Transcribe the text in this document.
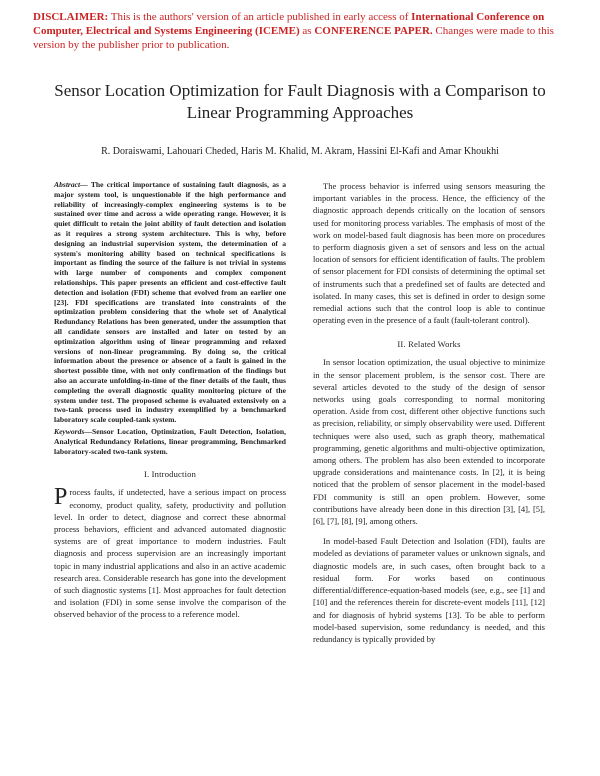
DISCLAIMER: This is the authors' version of an article published in early access of International Conference on Computer, Electrical and Systems Engineering (ICEME) as CONFERENCE PAPER. Changes were made to this version by the publisher prior to publication.
Sensor Location Optimization for Fault Diagnosis with a Comparison to Linear Programming Approaches
R. Doraiswami, Lahouari Cheded, Haris M. Khalid, M. Akram, Hassini El-Kafi and Amar Khoukhi

Abstract— The critical importance of sustaining fault diagnosis, as a major system tool, is unquestionable if the high performance and reliability of increasingly-complex engineering systems is to be sustained over time and across a wide operating range. However, it is quiet difficult to retain the joint ability of fault detection and isolation as it requires a strong system architecture. This is why, before designing an industrial supervision system, the determination of a system's monitoring ability based on technical specifications is important as finding the source of the failure is not trivial in systems with large number of components and complex component relationships. This paper presents an efficient and cost-effective fault detection and isolation (FDI) scheme that evolved from an earlier one [23]. FDI specifications are translated into constraints of the optimization problem considering that the whole set of Analytical Redundancy Relations has been generated, under the assumption that all candidate sensors are installed and later on tested by an optimization algorithm using of linear programming and relaxed versions of non-linear programming. By doing so, the critical information about the presence or absence of a fault is gained in the shortest possible time, with not only confirmation of the findings but also an accurate unfolding-in-time of the finer details of the fault, thus completing the overall diagnostic quality monitoring picture of the system under test. The proposed scheme is evaluated extensively on a two-tank process used in industry exemplified by a benchmarked laboratory scale coupled-tank system.

Keywords—Sensor Location, Optimization, Fault Detection, Isolation, Analytical Redundancy Relations, linear programming, Benchmarked laboratory-scaled two-tank system.

I. Introduction

Process faults, if undetected, have a serious impact on process economy, product quality, safety, productivity and pollution level. In order to detect, diagnose and correct these abnormal process behaviors, efficient and advanced automated diagnostic systems are of great importance to modern industries. Fault diagnosis and process supervision are an increasingly important topic in many industrial applications and also in an active academic research area. Considerable research has gone into the development of such diagnostic systems [1]. Most approaches for fault detection and isolation (FDI) in some sense involve the comparison of the observed behavior of the process to a reference model.

The process behavior is inferred using sensors measuring the important variables in the process. Hence, the efficiency of the diagnostic approach depends critically on the location of sensors used for monitoring process variables. The emphasis of most of the work on model-based fault diagnosis has been more on procedures to perform diagnosis given a set of sensors and less on the actual location of sensors for efficient identification of faults. The problem of sensor placement for FDI consists of determining the optimal set of instruments such that a predefined set of faults are detected and isolated. In many cases, this set is defined in order to design some remedial actions such that the control loop is able to continue operating even in the presence of a fault (fault-tolerant control).

II. Related Works

In sensor location optimization, the usual objective to minimize in the sensor placement problem, is the sensor cost. There are several articles devoted to the study of the design of sensor networks using goals corresponding to normal monitoring operation. Aside from cost, different other objective functions such as precision, reliability, or simply observability were used. Different techniques were also used, such as graph theory, mathematical programming, genetic algorithms and multi-objective optimization, among others. The problem has also been extended to incorporate upgrade considerations and maintenance costs. In [2], it is being noticed that the problem of sensor placement in the model-based FDI community is still an open problem. However, some contributions have already been done in this direction [3], [4], [5], [6], [7], [8], [9], among others.

In model-based Fault Detection and Isolation (FDI), faults are modeled as deviations of parameter values or unknown signals, and diagnostic models are, in such cases, often brought back to a residual form. For works based on continuous differential/difference-equation-based models (see, e.g., see [1] and [10] and the references therein for discrete-event models [11], [12] and for diagnosis of hybrid systems [13]. To be able to perform model-based supervision, some redundancy is needed, and this redundancy is typically provided by
